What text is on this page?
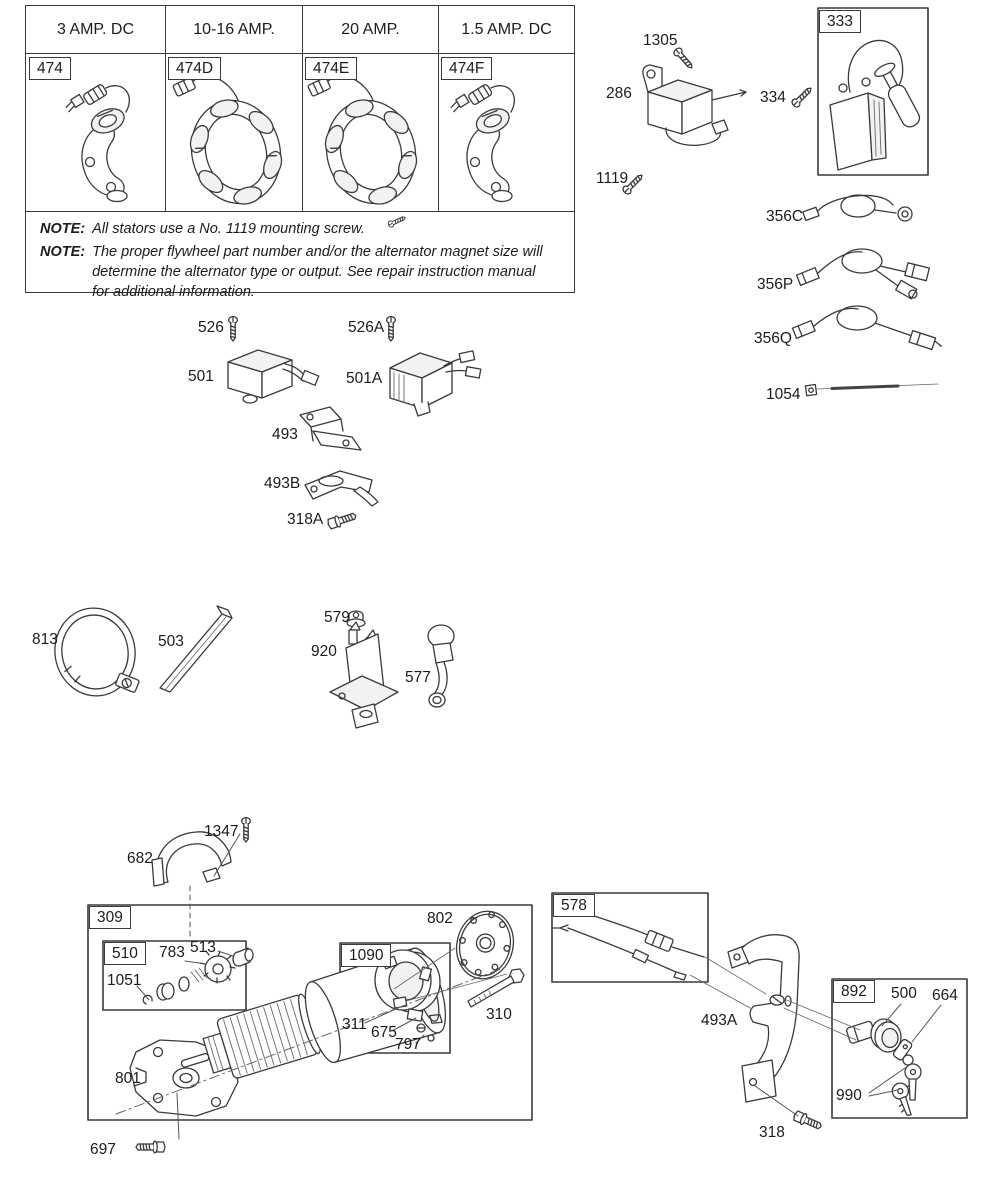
3 AMP. DC	10-16 AMP.	20 AMP.	1.5 AMP. DC
NOTE: All stators use a No. 1119 mounting screw.
NOTE: The proper flywheel part number and/or the alternator magnet size will determine the alternator type or output. See repair instruction manual for additional information.
474	474D	474E	474F
333
309
510	1090
578
892
1305
286	334
1119
356C
356P
356Q
1054
526	526A
501	501A
493
493B
318A
813	503
579
920
577
1347
682
783 513
1051
801
697
311 675
797
802
310	493A
500 664
990
318
